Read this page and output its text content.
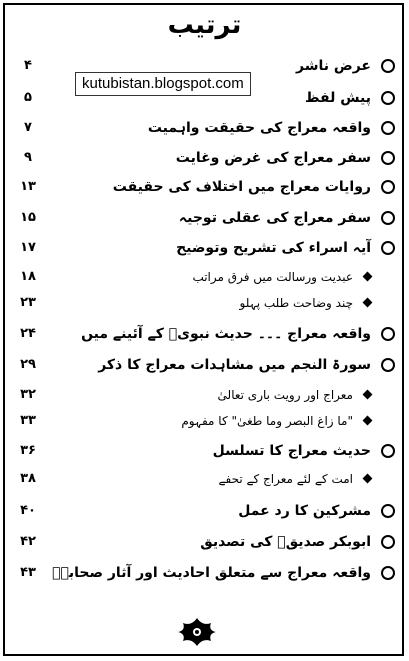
ترتیب
۴	عرض ناشر
۵	پیش لفظ
۷	واقعہ معراج کی حقیقت واہمیت
۹	سفر معراج کی غرض وغایت
۱۳	روایات معراج میں اختلاف کی حقیقت
۱۵	سفر معراج کی عقلی توجیہ
۱۷	آیہ اسراء کی تشریح وتوضیح
۱۸	عبدیت ورسالت میں فرق مراتب
۲۳	چند وضاحت طلب پہلو
۲۴	واقعہ معراج ۔۔۔ حدیث نبویؐ کے آئینے میں
۲۹	سورۃ النجم میں مشاہدات معراج کا ذکر
۳۲	معراج اور رویت باری تعالیٰ
۳۳	"ما زاغ البصر وما طغیٰ" کا مفہوم
۳۶	حدیث معراج کا تسلسل
۳۸	امت کے لئے معراج کے تحفے
۴۰	مشرکین کا رد عمل
۴۲	ابوبکر صدیقؓ کی تصدیق
۴۳	واقعہ معراج سے متعلق احادیث اور آثار صحابہؓ
kutubistan.blogspot.com
